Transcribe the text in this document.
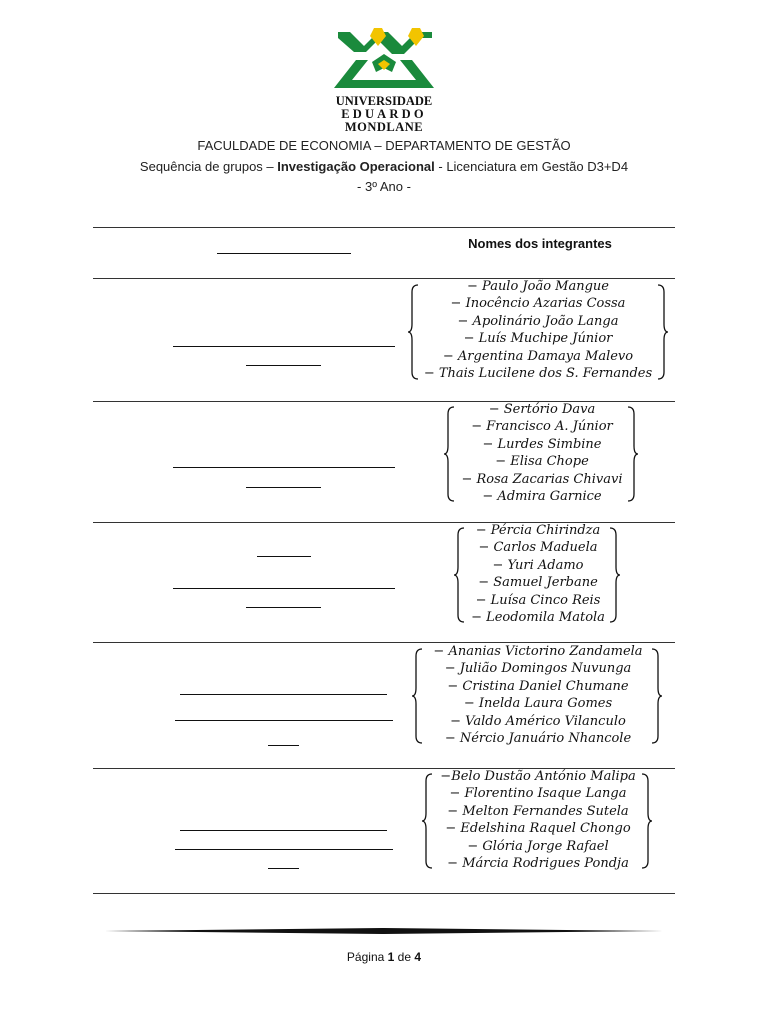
UNIVERSIDADE
EDUARDO
MONDLANE
FACULDADE DE ECONOMIA – DEPARTAMENTO DE GESTÃO
Sequência de grupos – Investigação Operacional - Licenciatura em Gestão D3+D4
- 3º Ano -
Nomes dos integrantes
− Paulo João Mangue
− Inocêncio Azarias Cossa
− Apolinário João Langa
− Luís Muchipe Júnior
− Argentina Damaya Malevo
− Thais Lucilene dos S. Fernandes
− Sertório Dava
− Francisco A. Júnior
− Lurdes Simbine
− Elisa Chope
− Rosa Zacarias Chivavi
− Admira Garnice
− Pércia Chirindza
− Carlos Maduela
− Yuri Adamo
− Samuel Jerbane
− Luísa Cinco Reis
− Leodomila Matola
− Ananias Victorino Zandamela
− Julião Domingos Nuvunga
− Cristina Daniel Chumane
− Inelda Laura Gomes
− Valdo Américo Vilanculo
− Nércio Januário Nhancole
−Belo Dustão António Malipa
− Florentino Isaque Langa
− Melton Fernandes Sutela
− Edelshina Raquel Chongo
− Glória Jorge Rafael
− Márcia Rodrigues Pondja
Página 1 de 4
